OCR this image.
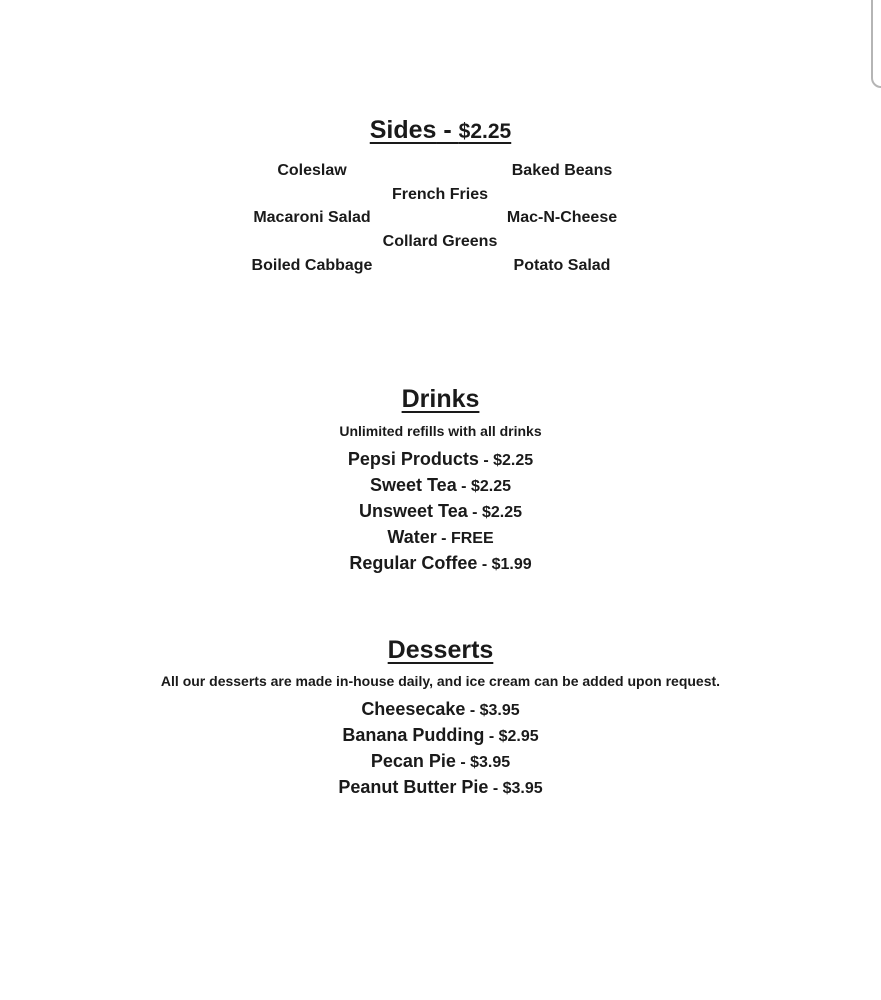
Sides - $2.25
Coleslaw	Baked Beans
French Fries
Macaroni Salad	Mac-N-Cheese
Collard Greens
Boiled Cabbage	Potato Salad
Drinks
Unlimited refills with all drinks
Pepsi Products - $2.25
Sweet Tea - $2.25
Unsweet Tea - $2.25
Water - FREE
Regular Coffee - $1.99
Desserts
All our desserts are made in-house daily, and ice cream can be added upon request.
Cheesecake - $3.95
Banana Pudding - $2.95
Pecan Pie - $3.95
Peanut Butter Pie - $3.95
